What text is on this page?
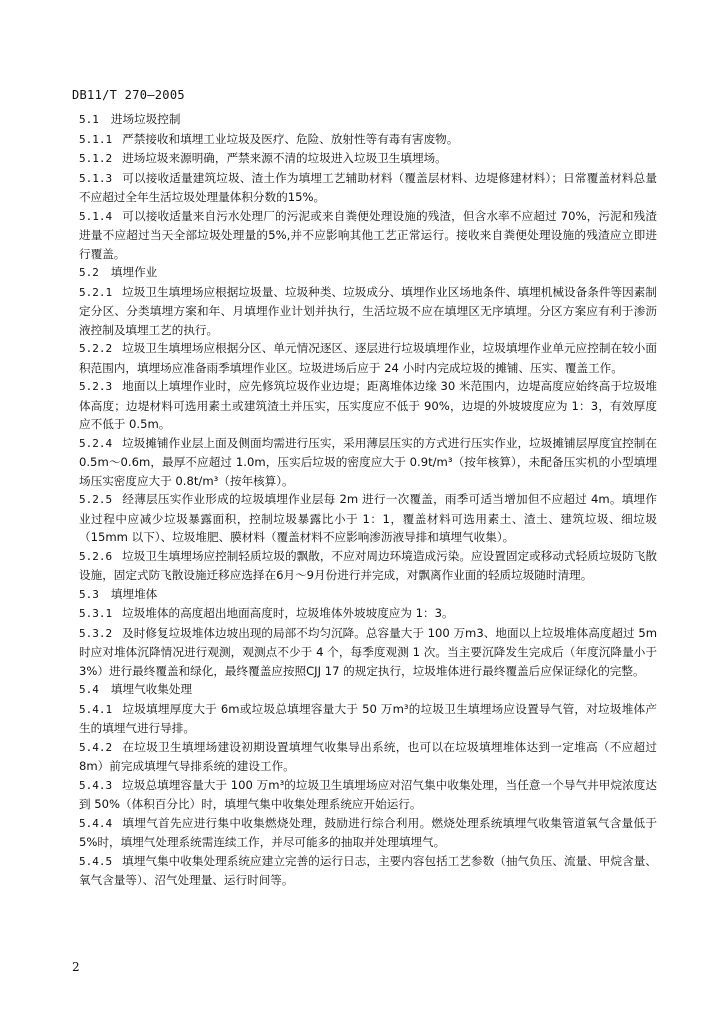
DB11/T 270—2005

5.1 进场垃圾控制

5.1.1 严禁接收和填埋工业垃圾及医疗、危险、放射性等有毒有害废物。

5.1.2 进场垃圾来源明确，严禁来源不清的垃圾进入垃圾卫生填埋场。

5.1.3 可以接收适量建筑垃圾、渣土作为填埋工艺辅助材料（覆盖层材料、边堤修建材料）；日常覆盖材料总量不应超过全年生活垃圾处理量体积分数的15%。

5.1.4 可以接收适量来自污水处理厂的污泥或来自粪便处理设施的残渣，但含水率不应超过 70%，污泥和残渣进量不应超过当天全部垃圾处理量的5%,并不应影响其他工艺正常运行。接收来自粪便处理设施的残渣应立即进行覆盖。

5.2 填埋作业

5.2.1 垃圾卫生填埋场应根据垃圾量、垃圾种类、垃圾成分、填埋作业区场地条件、填埋机械设备条件等因素制定分区、分类填埋方案和年、月填埋作业计划并执行，生活垃圾不应在填埋区无序填埋。分区方案应有利于渗沥液控制及填埋工艺的执行。

5.2.2 垃圾卫生填埋场应根据分区、单元情况逐区、逐层进行垃圾填埋作业，垃圾填埋作业单元应控制在较小面积范围内，填埋场应准备雨季填埋作业区。垃圾进场后应于 24 小时内完成垃圾的摊铺、压实、覆盖工作。

5.2.3 地面以上填埋作业时，应先修筑垃圾作业边堤；距离堆体边缘 30 米范围内，边堤高度应始终高于垃圾堆体高度；边堤材料可选用素土或建筑渣土并压实，压实度应不低于 90%，边堤的外坡坡度应为 1：3，有效厚度应不低于 0.5m。

5.2.4 垃圾摊铺作业层上面及侧面均需进行压实，采用薄层压实的方式进行压实作业，垃圾摊铺层厚度宜控制在 0.5m～0.6m，最厚不应超过 1.0m，压实后垃圾的密度应大于 0.9t/m³（按年核算），未配备压实机的小型填埋场压实密度应大于 0.8t/m³（按年核算）。

5.2.5 经薄层压实作业形成的垃圾填埋作业层每 2m 进行一次覆盖，雨季可适当增加但不应超过 4m。填埋作业过程中应减少垃圾暴露面积，控制垃圾暴露比小于 1：1，覆盖材料可选用素土、渣土、建筑垃圾、细垃圾（15mm 以下）、垃圾堆肥、膜材料（覆盖材料不应影响渗沥液导排和填埋气收集）。

5.2.6 垃圾卫生填埋场应控制轻质垃圾的飘散，不应对周边环境造成污染。应设置固定或移动式轻质垃圾防飞散设施，固定式防飞散设施迁移应选择在6月～9月份进行并完成，对飘离作业面的轻质垃圾随时清理。

5.3 填埋堆体

5.3.1 垃圾堆体的高度超出地面高度时，垃圾堆体外坡坡度应为 1：3。

5.3.2 及时修复垃圾堆体边坡出现的局部不均匀沉降。总容量大于 100 万m3、地面以上垃圾堆体高度超过 5m时应对堆体沉降情况进行观测，观测点不少于 4 个，每季度观测 1 次。当主要沉降发生完成后（年度沉降量小于 3%）进行最终覆盖和绿化，最终覆盖应按照CJJ 17 的规定执行，垃圾堆体进行最终覆盖后应保证绿化的完整。

5.4 填埋气收集处理

5.4.1 垃圾填埋厚度大于 6m或垃圾总填埋容量大于 50 万m³的垃圾卫生填埋场应设置导气管，对垃圾堆体产生的填埋气进行导排。

5.4.2 在垃圾卫生填埋场建设初期设置填埋气收集导出系统，也可以在垃圾填埋堆体达到一定堆高（不应超过 8m）前完成填埋气导排系统的建设工作。

5.4.3 垃圾总填埋容量大于 100 万m³的垃圾卫生填埋场应对沼气集中收集处理，当任意一个导气井甲烷浓度达到 50%（体积百分比）时，填埋气集中收集处理系统应开始运行。

5.4.4 填埋气首先应进行集中收集燃烧处理，鼓励进行综合利用。燃烧处理系统填埋气收集管道氧气含量低于 5%时，填埋气处理系统需连续工作，并尽可能多的抽取并处理填埋气。

5.4.5 填埋气集中收集处理系统应建立完善的运行日志，主要内容包括工艺参数（抽气负压、流量、甲烷含量、氧气含量等）、沼气处理量、运行时间等。

2
